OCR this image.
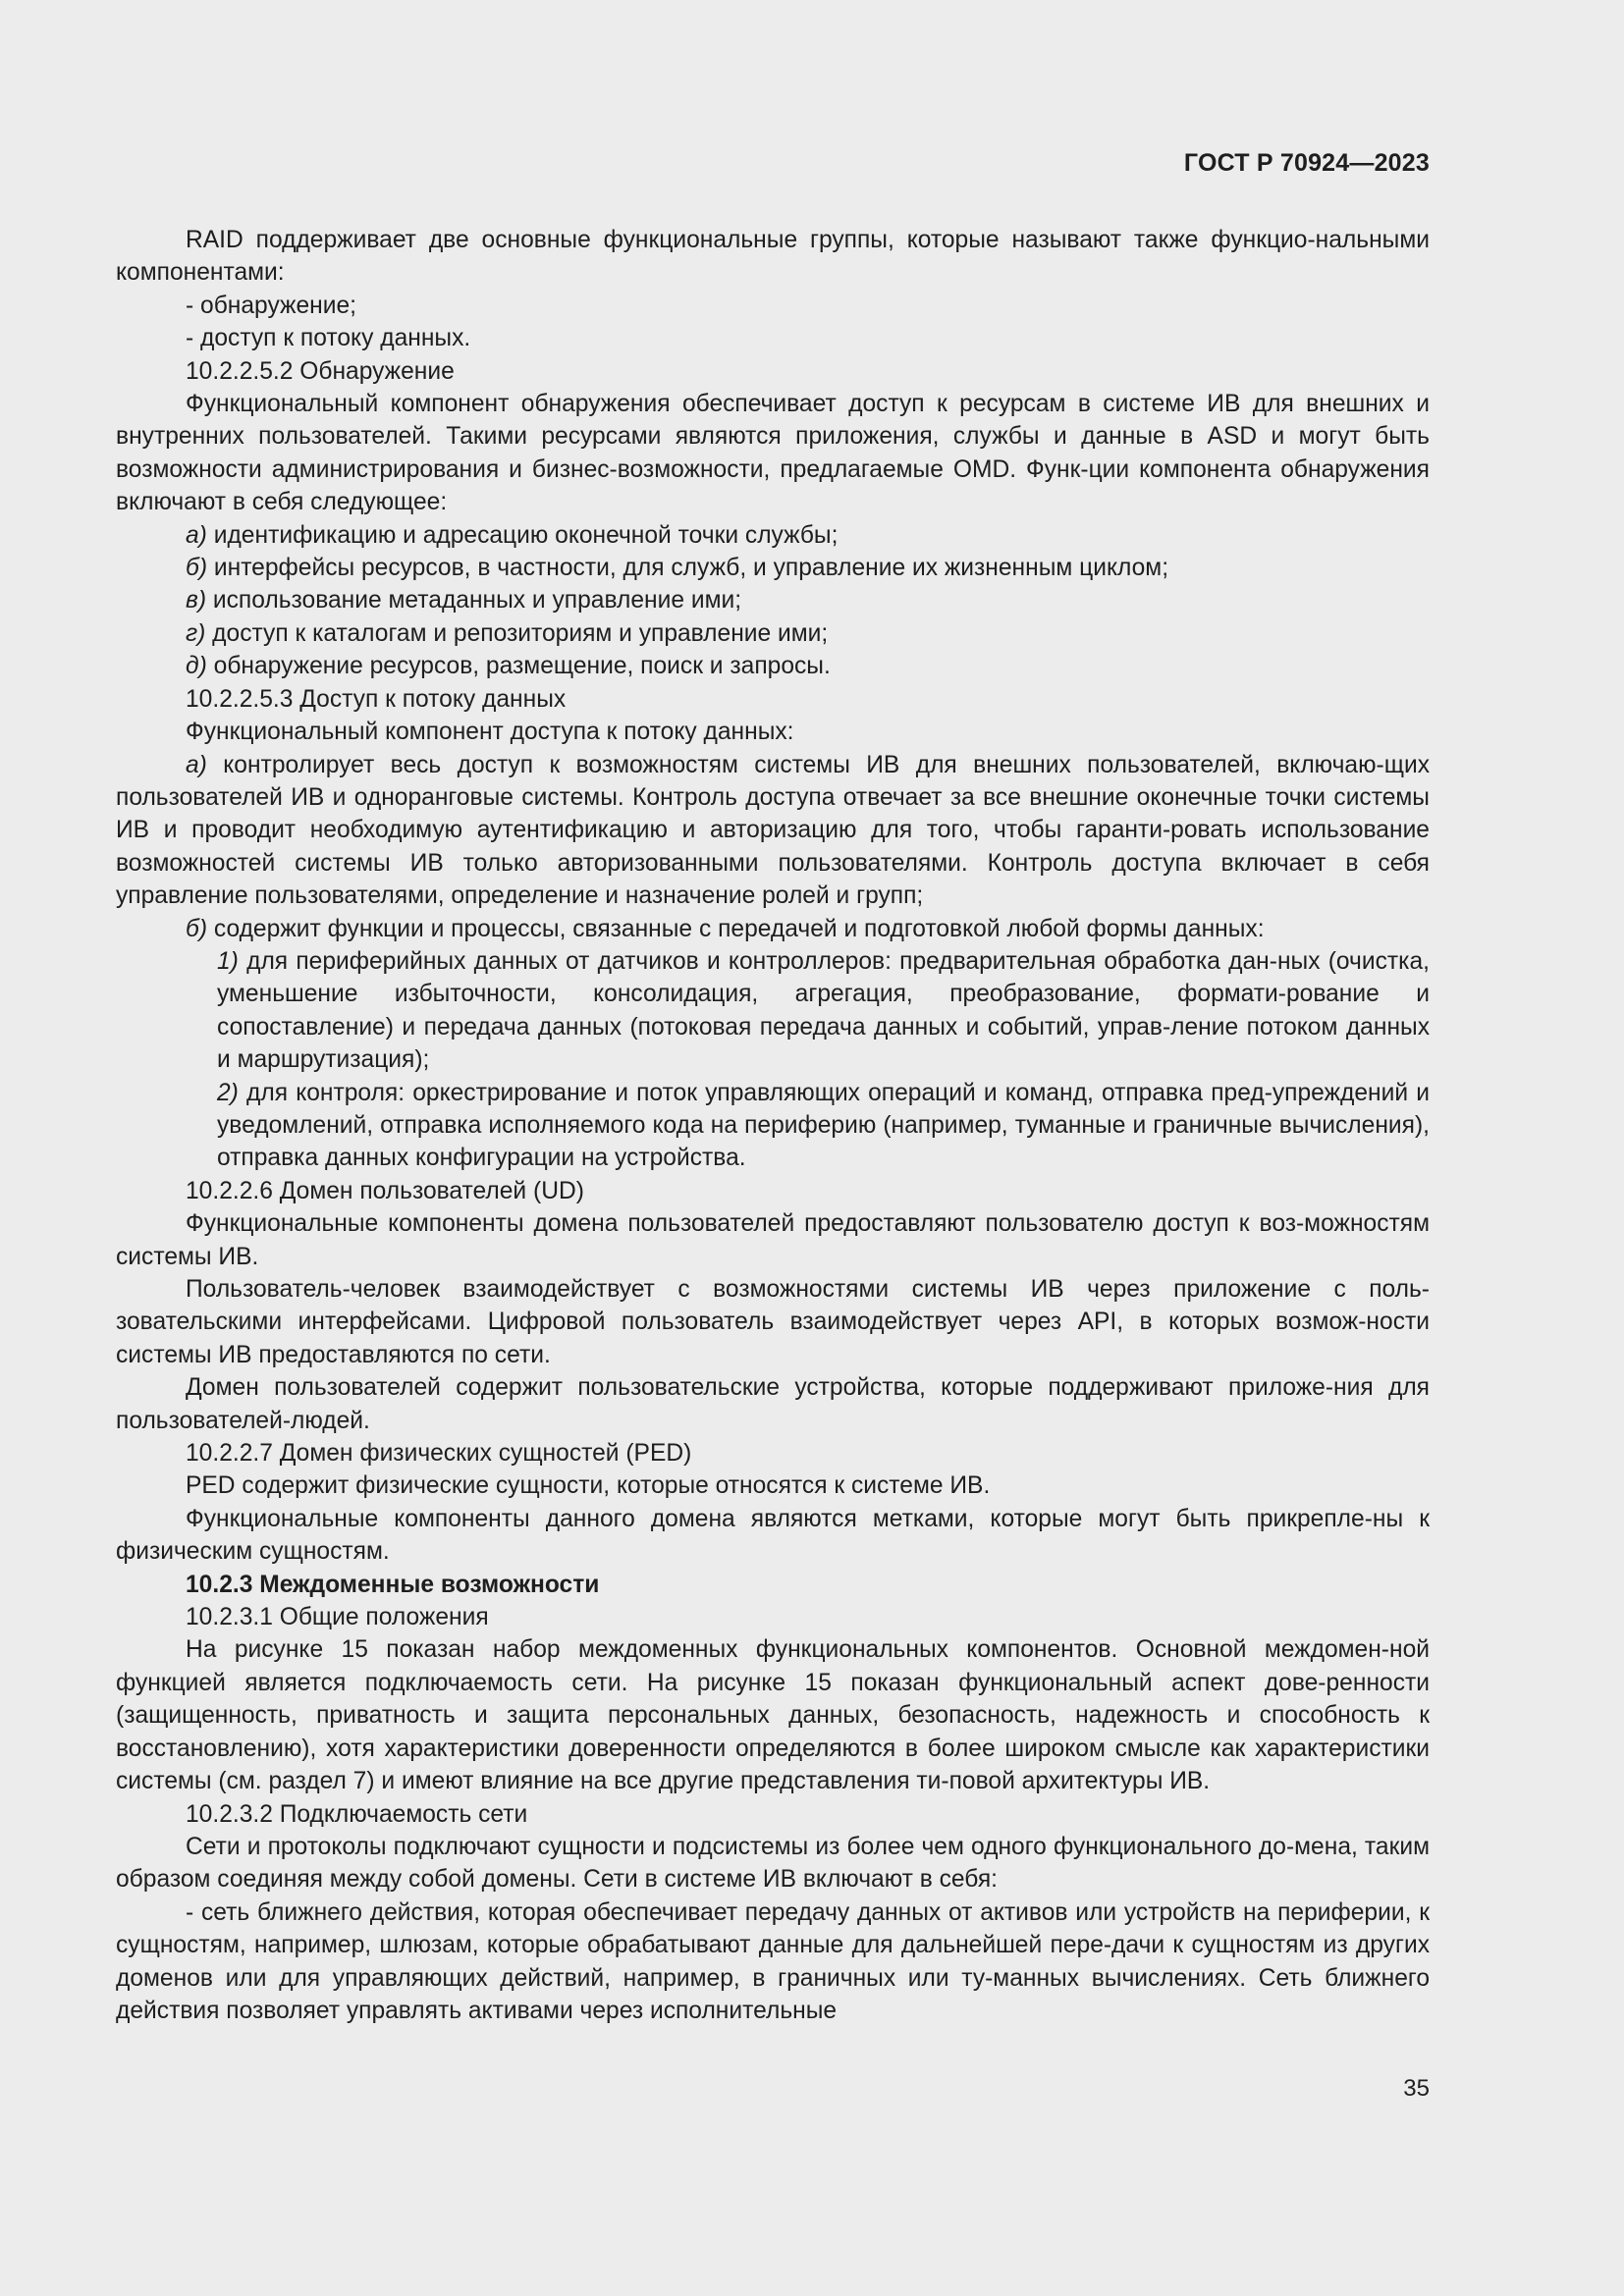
ГОСТ Р 70924—2023

RAID поддерживает две основные функциональные группы, которые называют также функцио-нальными компонентами:

- обнаружение;

- доступ к потоку данных.

10.2.2.5.2 Обнаружение

Функциональный компонент обнаружения обеспечивает доступ к ресурсам в системе ИВ для внешних и внутренних пользователей. Такими ресурсами являются приложения, службы и данные в ASD и могут быть возможности администрирования и бизнес-возможности, предлагаемые OMD. Функ-ции компонента обнаружения включают в себя следующее:

а) идентификацию и адресацию оконечной точки службы;

б) интерфейсы ресурсов, в частности, для служб, и управление их жизненным циклом;

в) использование метаданных и управление ими;

г) доступ к каталогам и репозиториям и управление ими;

д) обнаружение ресурсов, размещение, поиск и запросы.

10.2.2.5.3 Доступ к потоку данных

Функциональный компонент доступа к потоку данных:

а) контролирует весь доступ к возможностям системы ИВ для внешних пользователей, включаю-щих пользователей ИВ и одноранговые системы. Контроль доступа отвечает за все внешние оконечные точки системы ИВ и проводит необходимую аутентификацию и авторизацию для того, чтобы гаранти-ровать использование возможностей системы ИВ только авторизованными пользователями. Контроль доступа включает в себя управление пользователями, определение и назначение ролей и групп;

б) содержит функции и процессы, связанные с передачей и подготовкой любой формы данных:

1) для периферийных данных от датчиков и контроллеров: предварительная обработка дан-ных (очистка, уменьшение избыточности, консолидация, агрегация, преобразование, формати-рование и сопоставление) и передача данных (потоковая передача данных и событий, управ-ление потоком данных и маршрутизация);

2) для контроля: оркестрирование и поток управляющих операций и команд, отправка пред-упреждений и уведомлений, отправка исполняемого кода на периферию (например, туманные и граничные вычисления), отправка данных конфигурации на устройства.

10.2.2.6 Домен пользователей (UD)

Функциональные компоненты домена пользователей предоставляют пользователю доступ к воз-можностям системы ИВ.

Пользователь-человек взаимодействует с возможностями системы ИВ через приложение с поль-зовательскими интерфейсами. Цифровой пользователь взаимодействует через API, в которых возмож-ности системы ИВ предоставляются по сети.

Домен пользователей содержит пользовательские устройства, которые поддерживают приложе-ния для пользователей-людей.

10.2.2.7 Домен физических сущностей (PED)

PED содержит физические сущности, которые относятся к системе ИВ.

Функциональные компоненты данного домена являются метками, которые могут быть прикрепле-ны к физическим сущностям.

10.2.3 Междоменные возможности

10.2.3.1 Общие положения

На рисунке 15 показан набор междоменных функциональных компонентов. Основной междомен-ной функцией является подключаемость сети. На рисунке 15 показан функциональный аспект дове-ренности (защищенность, приватность и защита персональных данных, безопасность, надежность и способность к восстановлению), хотя характеристики доверенности определяются в более широком смысле как характеристики системы (см. раздел 7) и имеют влияние на все другие представления ти-повой архитектуры ИВ.

10.2.3.2 Подключаемость сети

Сети и протоколы подключают сущности и подсистемы из более чем одного функционального до-мена, таким образом соединяя между собой домены. Сети в системе ИВ включают в себя:

- сеть ближнего действия, которая обеспечивает передачу данных от активов или устройств на периферии, к сущностям, например, шлюзам, которые обрабатывают данные для дальнейшей пере-дачи к сущностям из других доменов или для управляющих действий, например, в граничных или ту-манных вычислениях. Сеть ближнего действия позволяет управлять активами через исполнительные

35
